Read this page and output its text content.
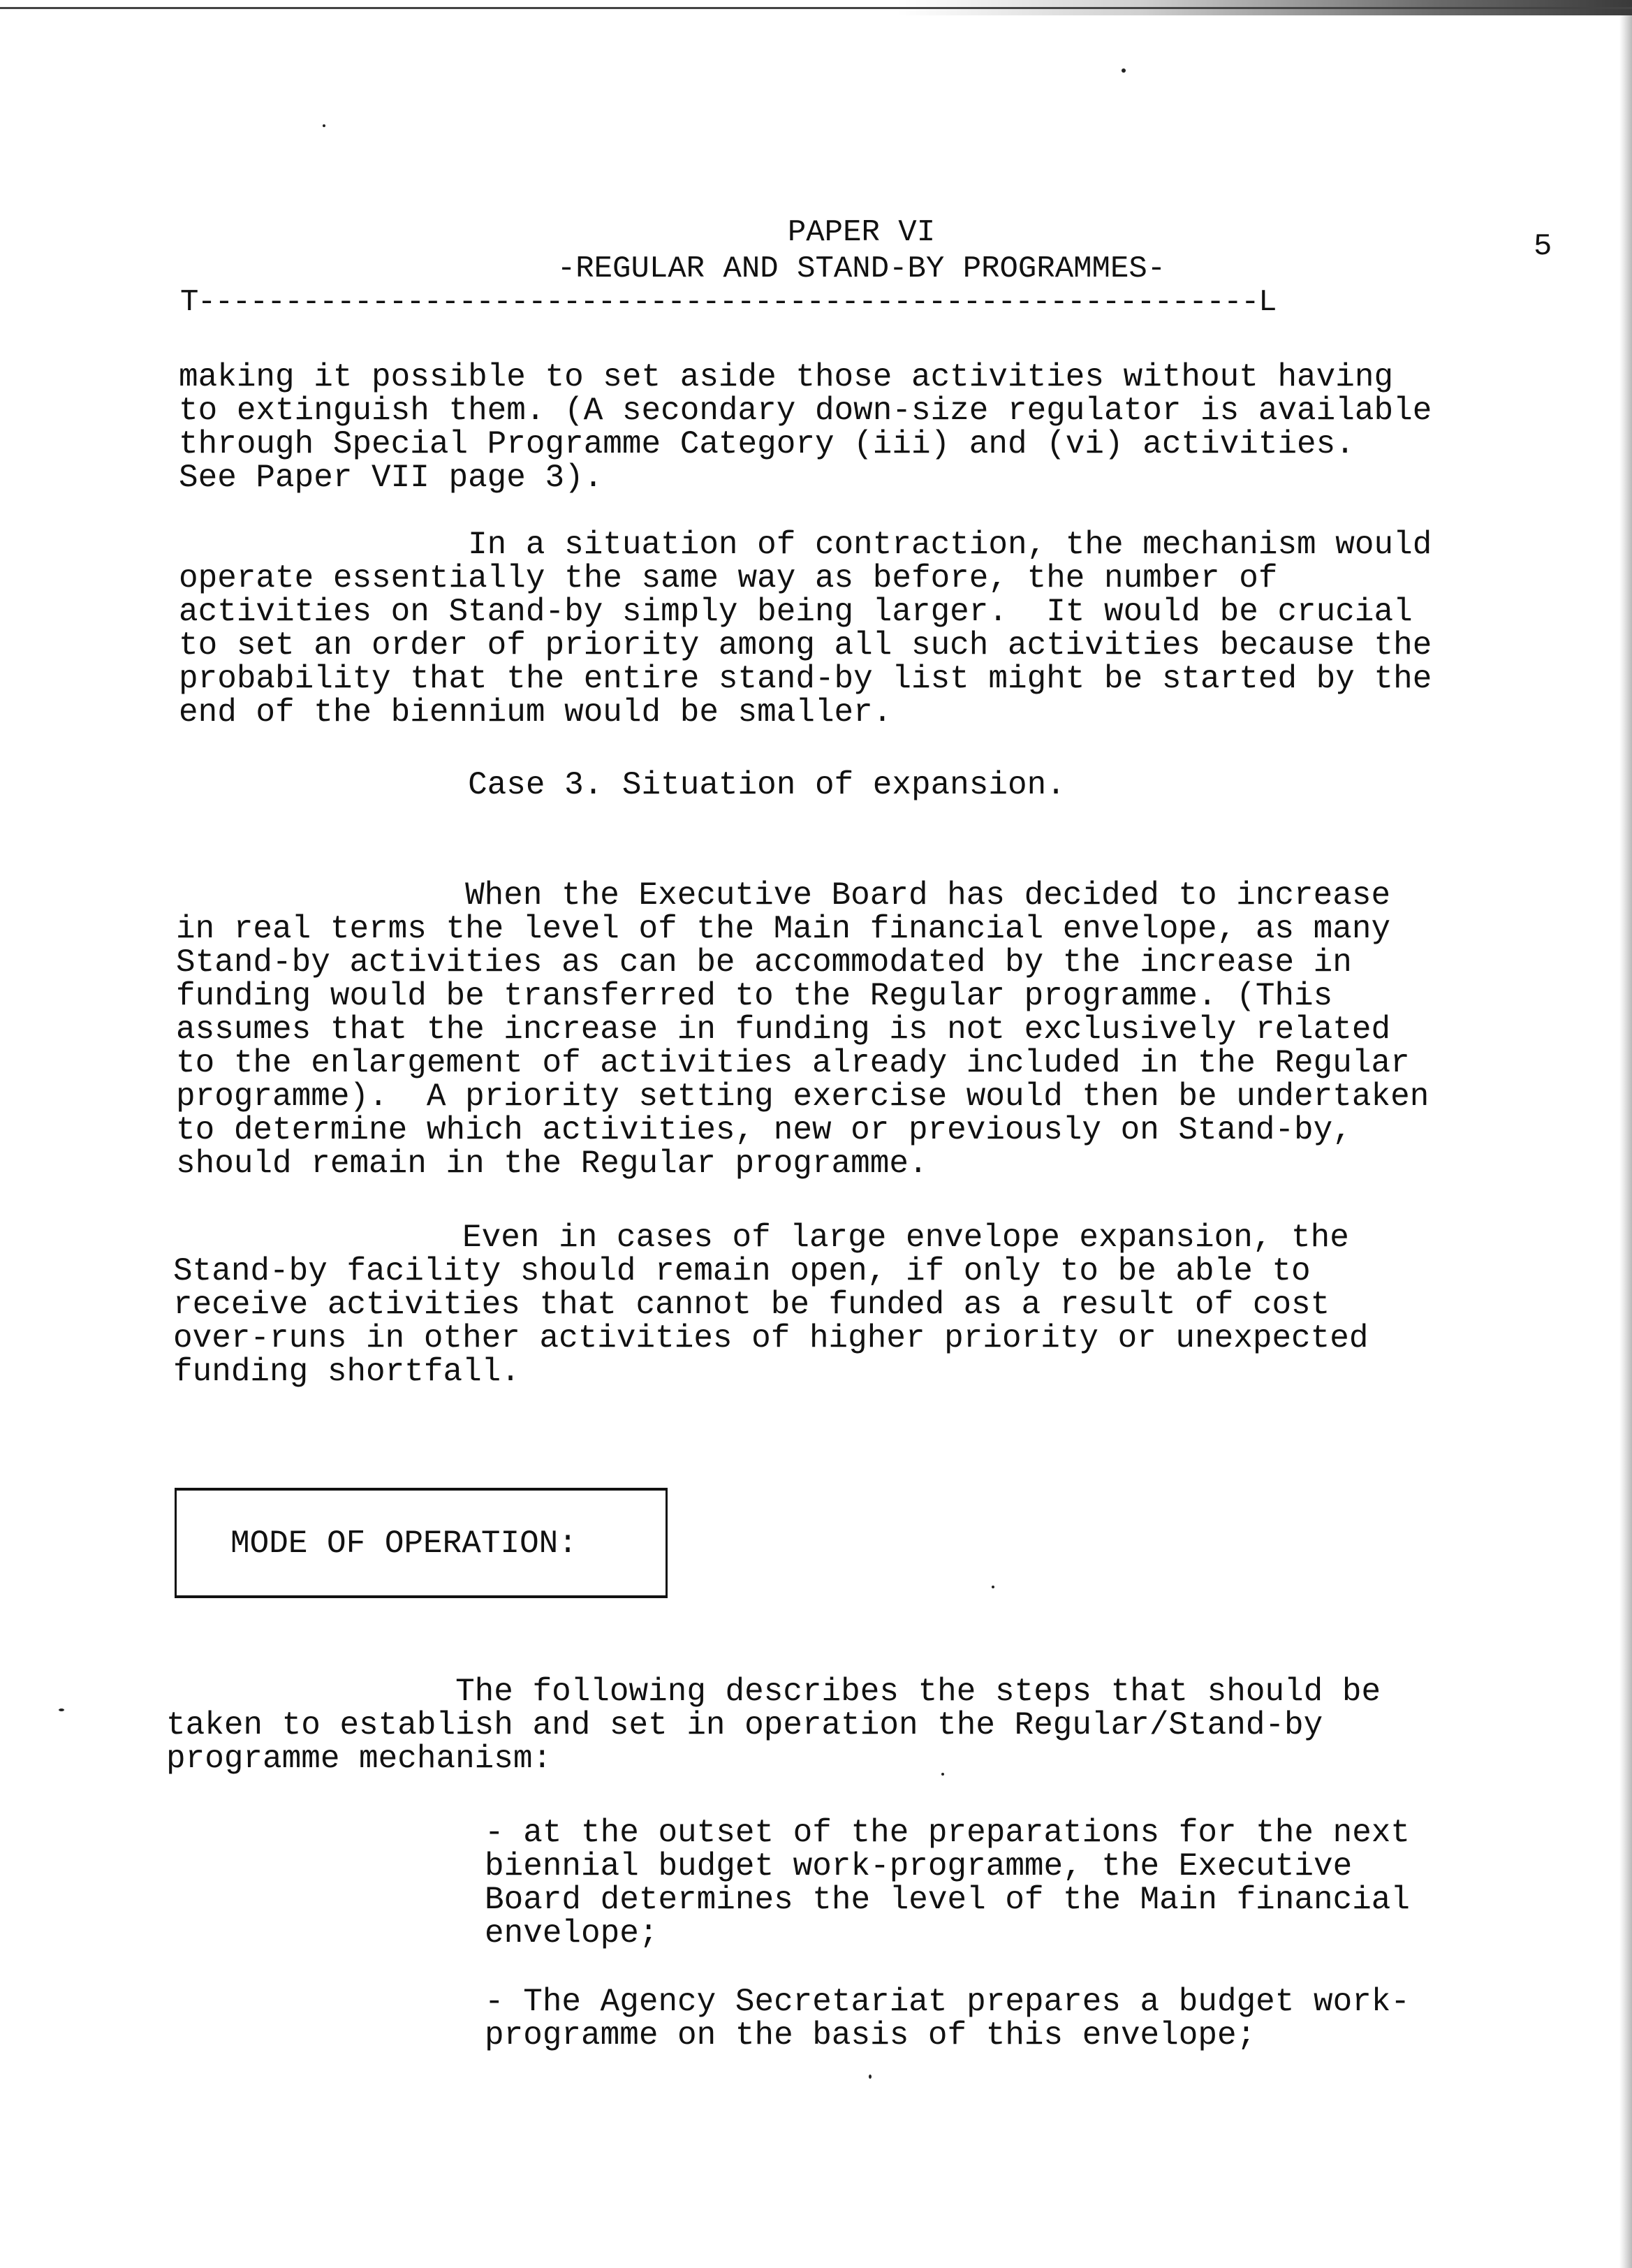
PAPER VI
-REGULAR AND STAND-BY PROGRAMMES-
5
T-------------------------------------------------------------L
making it possible to set aside those activities without having
to extinguish them. (A secondary down-size regulator is available
through Special Programme Category (iii) and (vi) activities.
See Paper VII page 3).
In a situation of contraction, the mechanism would
operate essentially the same way as before, the number of
activities on Stand-by simply being larger.  It would be crucial
to set an order of priority among all such activities because the
probability that the entire stand-by list might be started by the
end of the biennium would be smaller.
Case 3. Situation of expansion.
When the Executive Board has decided to increase
in real terms the level of the Main financial envelope, as many
Stand-by activities as can be accommodated by the increase in
funding would be transferred to the Regular programme. (This
assumes that the increase in funding is not exclusively related
to the enlargement of activities already included in the Regular
programme).  A priority setting exercise would then be undertaken
to determine which activities, new or previously on Stand-by,
should remain in the Regular programme.
Even in cases of large envelope expansion, the
Stand-by facility should remain open, if only to be able to
receive activities that cannot be funded as a result of cost
over-runs in other activities of higher priority or unexpected
funding shortfall.
MODE OF OPERATION:
The following describes the steps that should be
taken to establish and set in operation the Regular/Stand-by
programme mechanism:
- at the outset of the preparations for the next
biennial budget work-programme, the Executive
Board determines the level of the Main financial
envelope;
- The Agency Secretariat prepares a budget work-
programme on the basis of this envelope;
